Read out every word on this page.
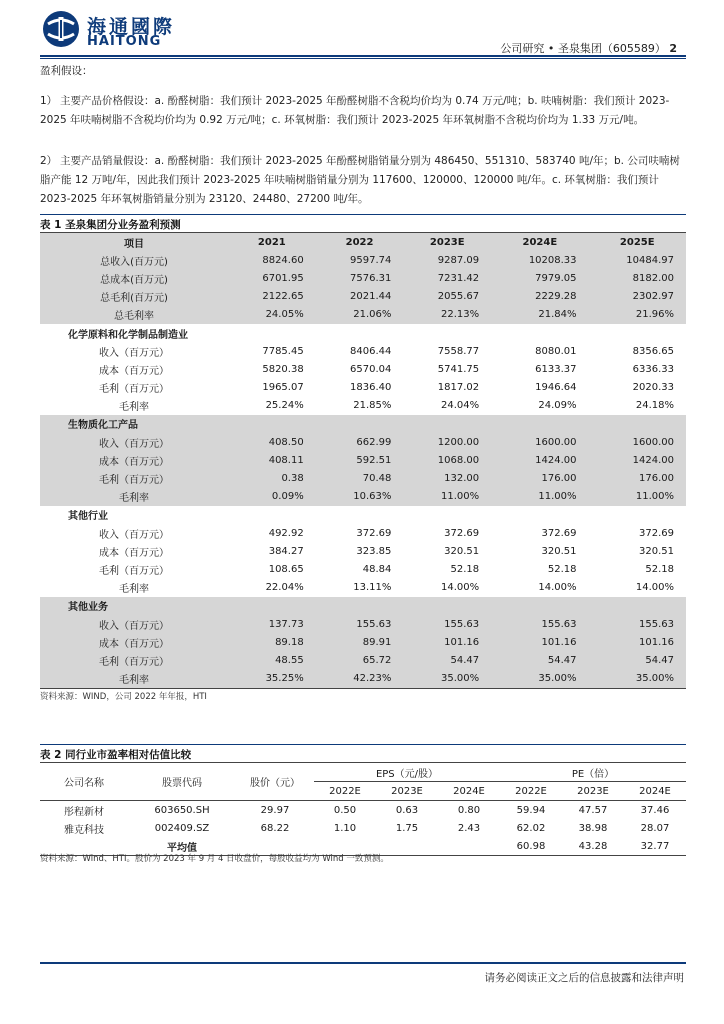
海通國際
HAITONG	公司研究 • 圣泉集团（605589） 2
盈利假设：
1） 主要产品价格假设：a. 酚醛树脂：我们预计 2023-2025 年酚醛树脂不含税均价均为 0.74 万元/吨；b. 呋喃树脂：我们预计 2023-2025 年呋喃树脂不含税均价均为 0.92 万元/吨；c. 环氧树脂：我们预计 2023-2025 年环氧树脂不含税均价均为 1.33 万元/吨。
2） 主要产品销量假设：a. 酚醛树脂：我们预计 2023-2025 年酚醛树脂销量分别为 486450、551310、583740 吨/年；b. 公司呋喃树脂产能 12 万吨/年，因此我们预计 2023-2025 年呋喃树脂销量分别为 117600、120000、120000 吨/年。c. 环氧树脂：我们预计 2023-2025 年环氧树脂销量分别为 23120、24480、27200 吨/年。
表 1 圣泉集团分业务盈利预测
项目	2021	2022	2023E	2024E	2025E
总收入(百万元)	8824.60	9597.74	9287.09	10208.33	10484.97
总成本(百万元)	6701.95	7576.31	7231.42	7979.05	8182.00
总毛利(百万元)	2122.65	2021.44	2055.67	2229.28	2302.97
总毛利率	24.05%	21.06%	22.13%	21.84%	21.96%
化学原料和化学制品制造业					
收入（百万元）	7785.45	8406.44	7558.77	8080.01	8356.65
成本（百万元）	5820.38	6570.04	5741.75	6133.37	6336.33
毛利（百万元）	1965.07	1836.40	1817.02	1946.64	2020.33
毛利率	25.24%	21.85%	24.04%	24.09%	24.18%
生物质化工产品					
收入（百万元）	408.50	662.99	1200.00	1600.00	1600.00
成本（百万元）	408.11	592.51	1068.00	1424.00	1424.00
毛利（百万元）	0.38	70.48	132.00	176.00	176.00
毛利率	0.09%	10.63%	11.00%	11.00%	11.00%
其他行业					
收入（百万元）	492.92	372.69	372.69	372.69	372.69
成本（百万元）	384.27	323.85	320.51	320.51	320.51
毛利（百万元）	108.65	48.84	52.18	52.18	52.18
毛利率	22.04%	13.11%	14.00%	14.00%	14.00%
其他业务					
收入（百万元）	137.73	155.63	155.63	155.63	155.63
成本（百万元）	89.18	89.91	101.16	101.16	101.16
毛利（百万元）	48.55	65.72	54.47	54.47	54.47
毛利率	35.25%	42.23%	35.00%	35.00%	35.00%
资料来源：WIND，公司 2022 年年报，HTI
表 2 同行业市盈率相对估值比较
公司名称	股票代码	股价（元）	EPS（元/股）			PE（倍）		
			2022E	2023E	2024E	2022E	2023E	2024E
彤程新材	603650.SH	29.97	0.50	0.63	0.80	59.94	47.57	37.46
雅克科技	002409.SZ	68.22	1.10	1.75	2.43	62.02	38.98	28.07
	平均值					60.98	43.28	32.77
资料来源：Wind、HTI。股价为 2023 年 9 月 4 日收盘价，每股收益均为 Wind 一致预测。
请务必阅读正文之后的信息披露和法律声明
